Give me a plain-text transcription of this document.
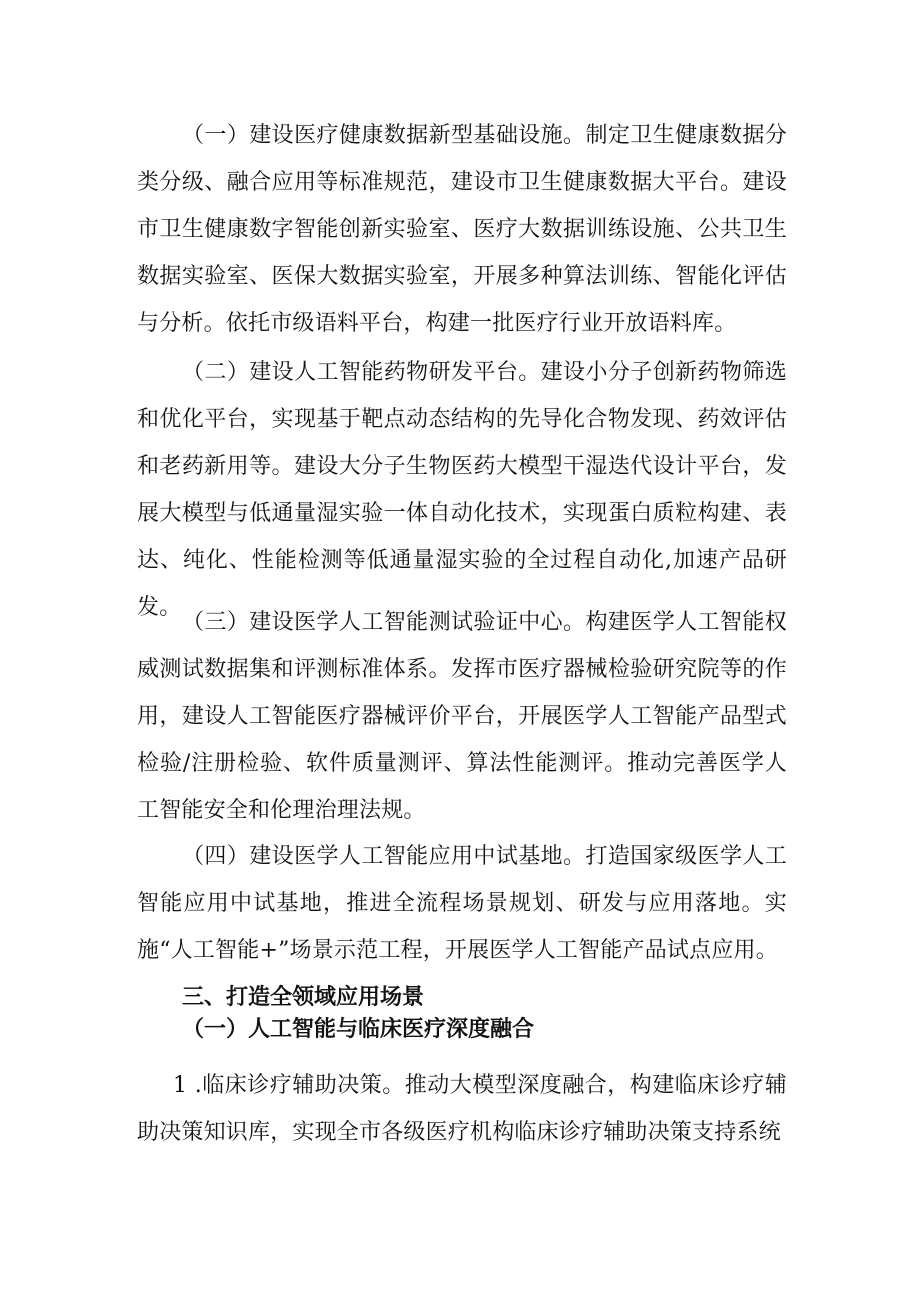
（一）建设医疗健康数据新型基础设施。制定卫生健康数据分类分级、融合应用等标准规范，建设市卫生健康数据大平台。建设市卫生健康数字智能创新实验室、医疗大数据训练设施、公共卫生数据实验室、医保大数据实验室，开展多种算法训练、智能化评估与分析。依托市级语料平台，构建一批医疗行业开放语料库。

（二）建设人工智能药物研发平台。建设小分子创新药物筛选和优化平台，实现基于靶点动态结构的先导化合物发现、药效评估和老药新用等。建设大分子生物医药大模型干湿迭代设计平台，发展大模型与低通量湿实验一体自动化技术，实现蛋白质粒构建、表达、纯化、性能检测等低通量湿实验的全过程自动化,加速产品研发。

（三）建设医学人工智能测试验证中心。构建医学人工智能权威测试数据集和评测标准体系。发挥市医疗器械检验研究院等的作用，建设人工智能医疗器械评价平台，开展医学人工智能产品型式检验/注册检验、软件质量测评、算法性能测评。推动完善医学人工智能安全和伦理治理法规。

（四）建设医学人工智能应用中试基地。打造国家级医学人工智能应用中试基地，推进全流程场景规划、研发与应用落地。实施“人工智能+”场景示范工程，开展医学人工智能产品试点应用。

三、打造全领域应用场景
（一）人工智能与临床医疗深度融合

1 .临床诊疗辅助决策。推动大模型深度融合，构建临床诊疗辅助决策知识库，实现全市各级医疗机构临床诊疗辅助决策支持系统
